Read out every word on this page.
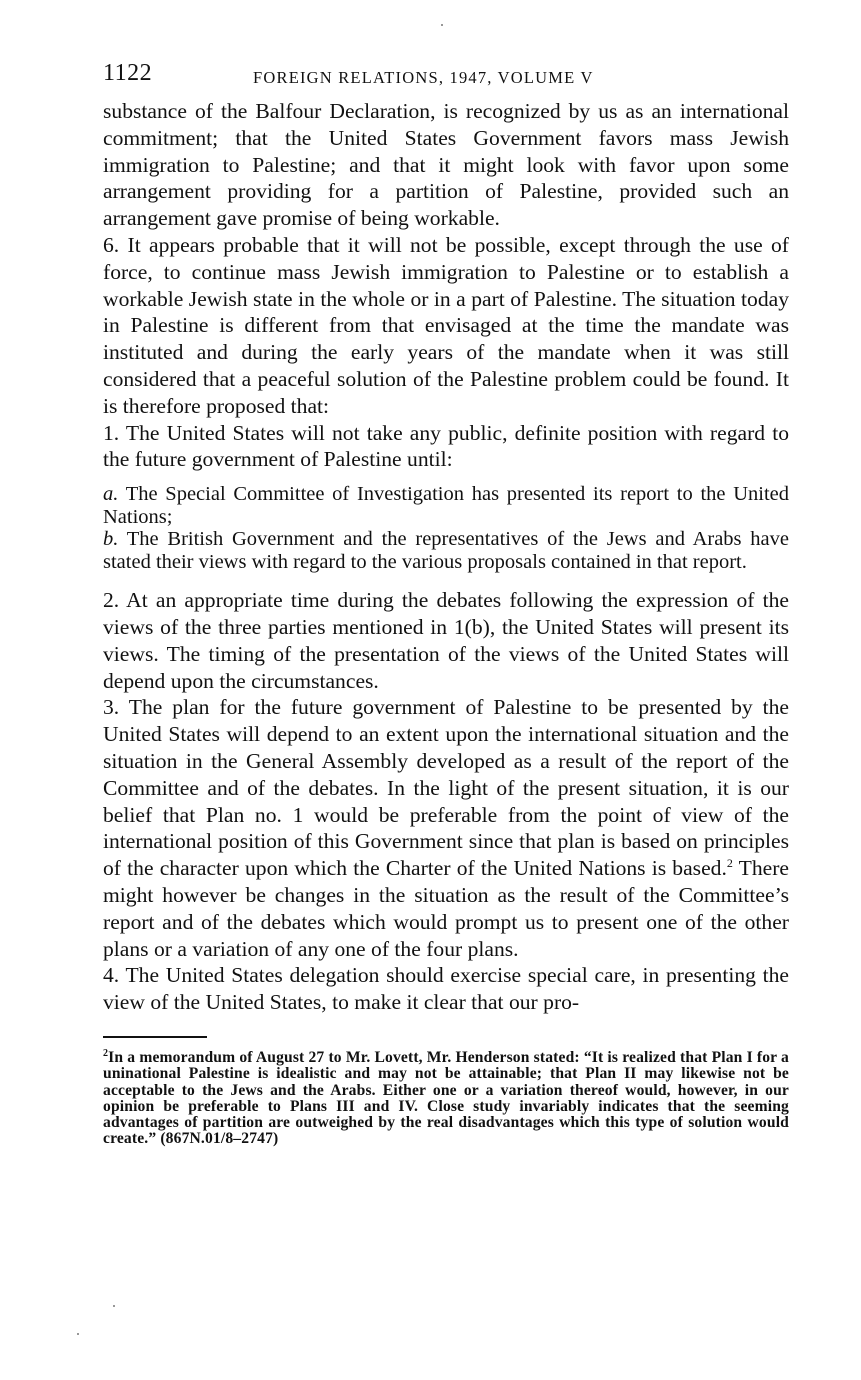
1122	FOREIGN RELATIONS, 1947, VOLUME V

substance of the Balfour Declaration, is recognized by us as an international commitment; that the United States Government favors mass Jewish immigration to Palestine; and that it might look with favor upon some arrangement providing for a partition of Palestine, provided such an arrangement gave promise of being workable.

6. It appears probable that it will not be possible, except through the use of force, to continue mass Jewish immigration to Palestine or to establish a workable Jewish state in the whole or in a part of Palestine. The situation today in Palestine is different from that envisaged at the time the mandate was instituted and during the early years of the mandate when it was still considered that a peaceful solution of the Palestine problem could be found. It is therefore proposed that:

1. The United States will not take any public, definite position with regard to the future government of Palestine until:

a. The Special Committee of Investigation has presented its report to the United Nations;

b. The British Government and the representatives of the Jews and Arabs have stated their views with regard to the various proposals contained in that report.

2. At an appropriate time during the debates following the expression of the views of the three parties mentioned in 1(b), the United States will present its views. The timing of the presentation of the views of the United States will depend upon the circumstances.

3. The plan for the future government of Palestine to be presented by the United States will depend to an extent upon the international situation and the situation in the General Assembly developed as a result of the report of the Committee and of the debates. In the light of the present situation, it is our belief that Plan no. 1 would be preferable from the point of view of the international position of this Government since that plan is based on principles of the character upon which the Charter of the United Nations is based.$^2$ There might however be changes in the situation as the result of the Committee’s report and of the debates which would prompt us to present one of the other plans or a variation of any one of the four plans.

4. The United States delegation should exercise special care, in presenting the view of the United States, to make it clear that our pro-

$^2$In a memorandum of August 27 to Mr. Lovett, Mr. Henderson stated: “It is realized that Plan I for a uninational Palestine is idealistic and may not be attainable; that Plan II may likewise not be acceptable to the Jews and the Arabs. Either one or a variation thereof would, however, in our opinion be preferable to Plans III and IV. Close study invariably indicates that the seeming advantages of partition are outweighed by the real disadvantages which this type of solution would create.” (867N.01/8–2747)
